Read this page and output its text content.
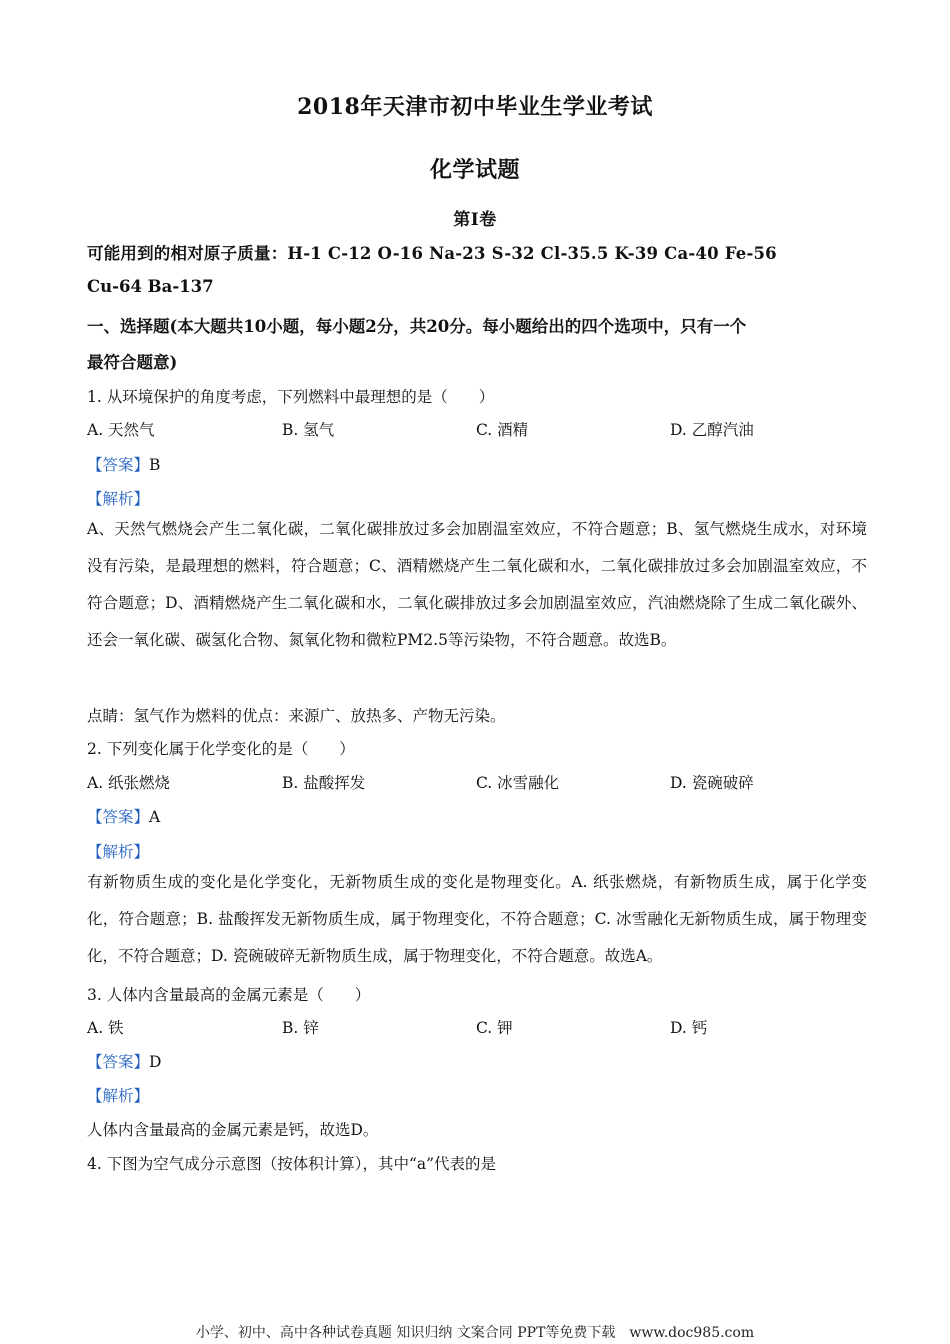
2018年天津市初中毕业生学业考试
化学试题
第I卷
可能用到的相对原子质量：H-1 C-12 O-16 Na-23 S-32 Cl-35.5 K-39 Ca-40 Fe-56
Cu-64 Ba-137
一、选择题(本大题共10小题，每小题2分，共20分。每小题给出的四个选项中，只有一个
最符合题意)
1. 从环境保护的角度考虑，下列燃料中最理想的是（　　）
A. 天然气	B. 氢气	C. 酒精	D. 乙醇汽油
【答案】B
【解析】
A、天然气燃烧会产生二氧化碳，二氧化碳排放过多会加剧温室效应，不符合题意；B、氢气燃烧生成水，对环境没有污染，是最理想的燃料，符合题意；C、酒精燃烧产生二氧化碳和水，二氧化碳排放过多会加剧温室效应，不符合题意；D、酒精燃烧产生二氧化碳和水，二氧化碳排放过多会加剧温室效应，汽油燃烧除了生成二氧化碳外、还会一氧化碳、碳氢化合物、氮氧化物和微粒PM2.5等污染物，不符合题意。故选B。
点睛：氢气作为燃料的优点：来源广、放热多、产物无污染。
2. 下列变化属于化学变化的是（　　）
A. 纸张燃烧	B. 盐酸挥发	C. 冰雪融化	D. 瓷碗破碎
【答案】A
【解析】
有新物质生成的变化是化学变化，无新物质生成的变化是物理变化。A. 纸张燃烧，有新物质生成，属于化学变化，符合题意；B. 盐酸挥发无新物质生成，属于物理变化，不符合题意；C. 冰雪融化无新物质生成，属于物理变化，不符合题意；D. 瓷碗破碎无新物质生成，属于物理变化，不符合题意。故选A。
3. 人体内含量最高的金属元素是（　　）
A. 铁	B. 锌	C. 钾	D. 钙
【答案】D
【解析】
人体内含量最高的金属元素是钙，故选D。
4. 下图为空气成分示意图（按体积计算），其中“a”代表的是
小学、初中、高中各种试卷真题 知识归纳 文案合同 PPT等免费下载　www.doc985.com
